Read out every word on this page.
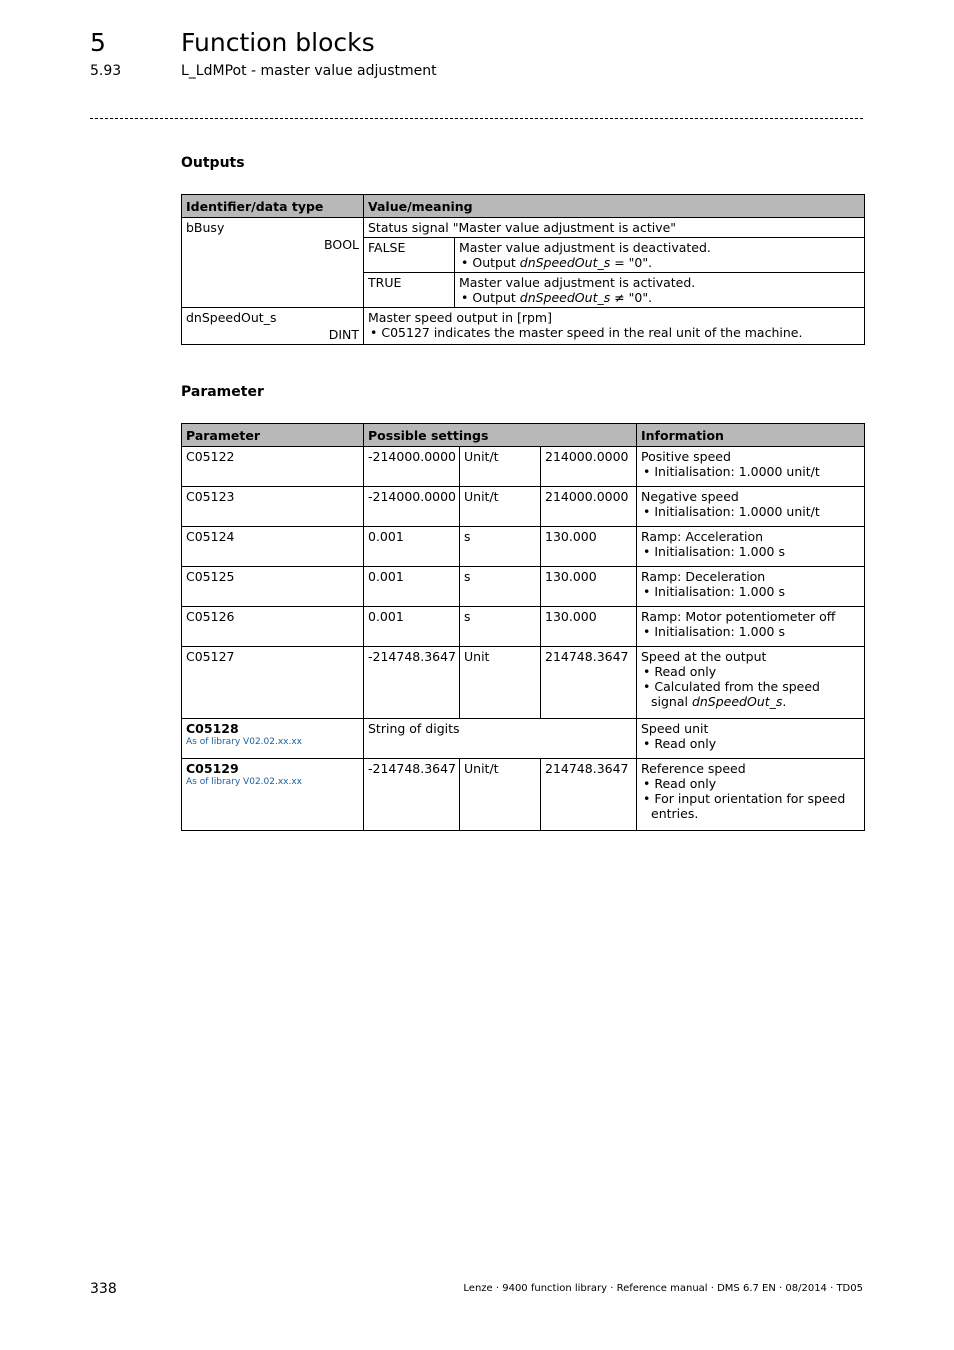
5	Function blocks
5.93	L_LdMPot - master value adjustment
Outputs
Identifier/data type	Value/meaning	
bBusy
BOOL	Status signal "Master value adjustment is active"	
	FALSE	Master value adjustment is deactivated.
• Output dnSpeedOut_s = "0".

	TRUE	Master value adjustment is activated.
• Output dnSpeedOut_s ≠ "0".

dnSpeedOut_s
DINT	Master speed output in [rpm]
• C05127 indicates the master speed in the real unit of the machine.
Parameter
Parameter	Possible settings			Information
C05122	-214000.0000	Unit/t	214000.0000	Positive speed
• Initialisation: 1.0000 unit/t

C05123	-214000.0000	Unit/t	214000.0000	Negative speed
• Initialisation: 1.0000 unit/t

C05124	0.001	s	130.000	Ramp: Acceleration
• Initialisation: 1.000 s

C05125	0.001	s	130.000	Ramp: Deceleration
• Initialisation: 1.000 s

C05126	0.001	s	130.000	Ramp: Motor potentiometer off
• Initialisation: 1.000 s

C05127	-214748.3647	Unit	214748.3647	Speed at the output
• Read only
• Calculated from the speed signal dnSpeedOut_s.

C05128
As of library V02.02.xx.xx	String of digits			Speed unit
• Read only

C05129
As of library V02.02.xx.xx	-214748.3647	Unit/t	214748.3647	Reference speed
• Read only
• For input orientation for speed entries.
338	Lenze · 9400 function library · Reference manual · DMS 6.7 EN · 08/2014 · TD05
